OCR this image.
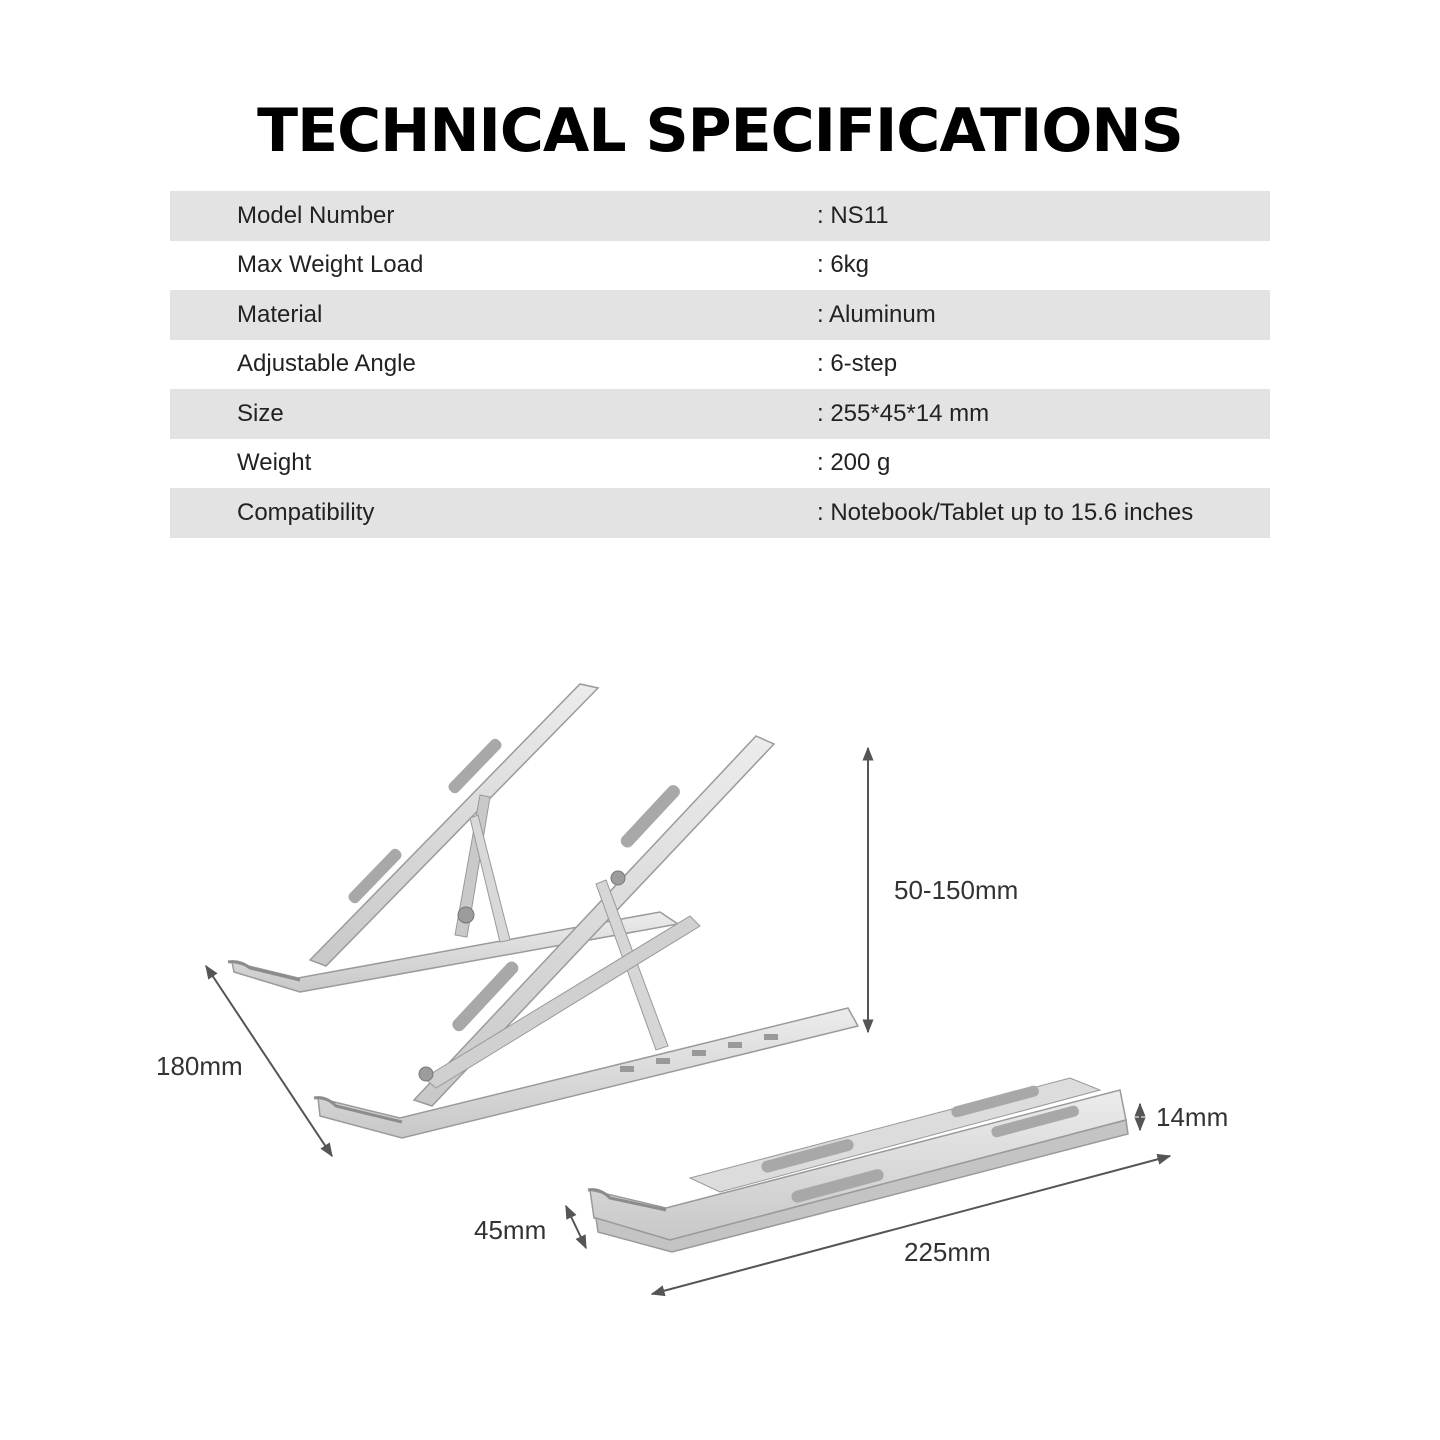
TECHNICAL SPECIFICATIONS
Model Number	: NS11
Max Weight Load	: 6kg
Material	: Aluminum
Adjustable Angle	: 6-step
Size	: 255*45*14 mm
Weight	: 200 g
Compatibility	: Notebook/Tablet up to 15.6 inches
50-150mm
180mm
14mm
45mm
225mm
